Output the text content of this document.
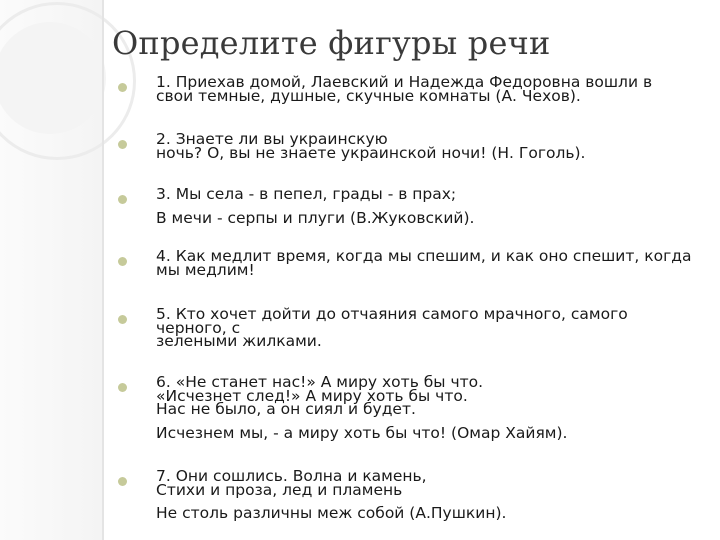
Определите фигуры речи
1. Приехав домой, Лаевский и Надежда Федоровна вошли в
свои темные, душные, скучные комнаты (А. Чехов).
2. Знаете ли вы украинскую
ночь? О, вы не знаете украинской ночи! (Н. Гоголь).
3. Мы села - в пепел, грады - в прах;
В мечи - серпы и плуги (В.Жуковский).
4. Как медлит время, когда мы спешим, и как оно спешит, когда
мы медлим!
5. Кто хочет дойти до отчаяния самого мрачного, самого
черного, с
зелеными жилками.
6. «Не станет нас!» А миру хоть бы что.
«Исчезнет след!» А миру хоть бы что.
Нас не было, а он сиял и будет.
Исчезнем мы, - а миру хоть бы что! (Омар Хайям).
7. Они сошлись. Волна и камень,
Стихи и проза, лед и пламень
Не столь различны меж собой (А.Пушкин).
